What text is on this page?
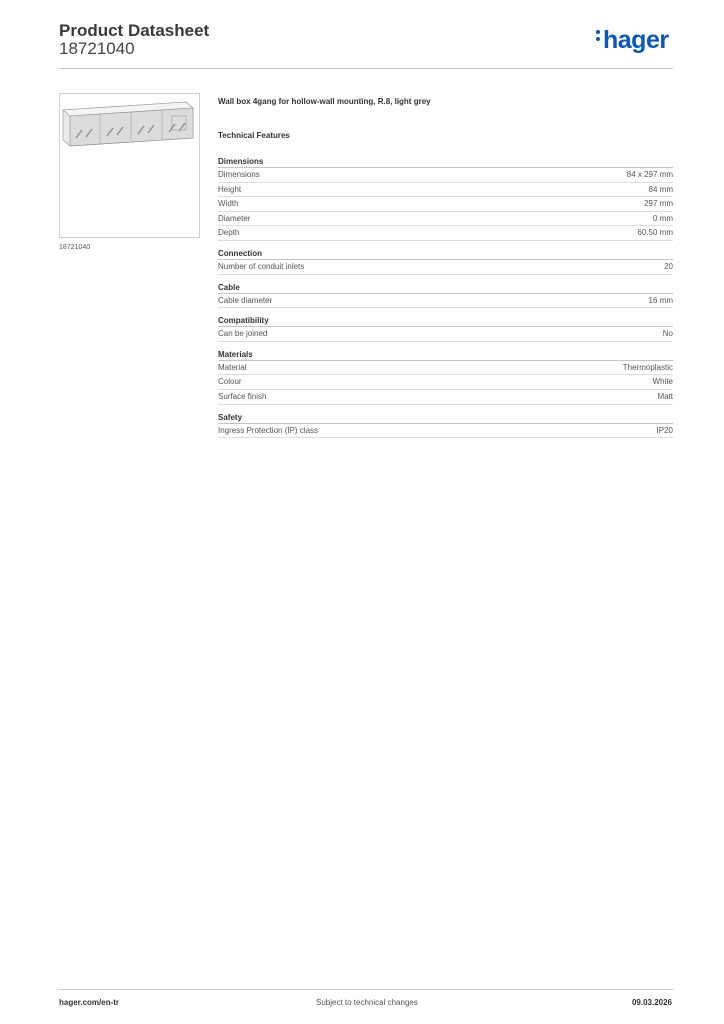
Product Datasheet
18721040	hager
18721040
Wall box 4gang for hollow-wall mounting, R.8, light grey
Technical Features
Dimensions
Dimensions	84 x 297 mm
Height	84 mm
Width	297 mm
Diameter	0 mm
Depth	60.50 mm
Connection
Number of conduit inlets	20
Cable
Cable diameter	16 mm
Compatibility
Can be joined	No
Materials
Material	Thermoplastic
Colour	White
Surface finish	Matt
Safety
Ingress Protection (IP) class	IP20
hager.com/en-tr	Subject to technical changes	09.03.2026
